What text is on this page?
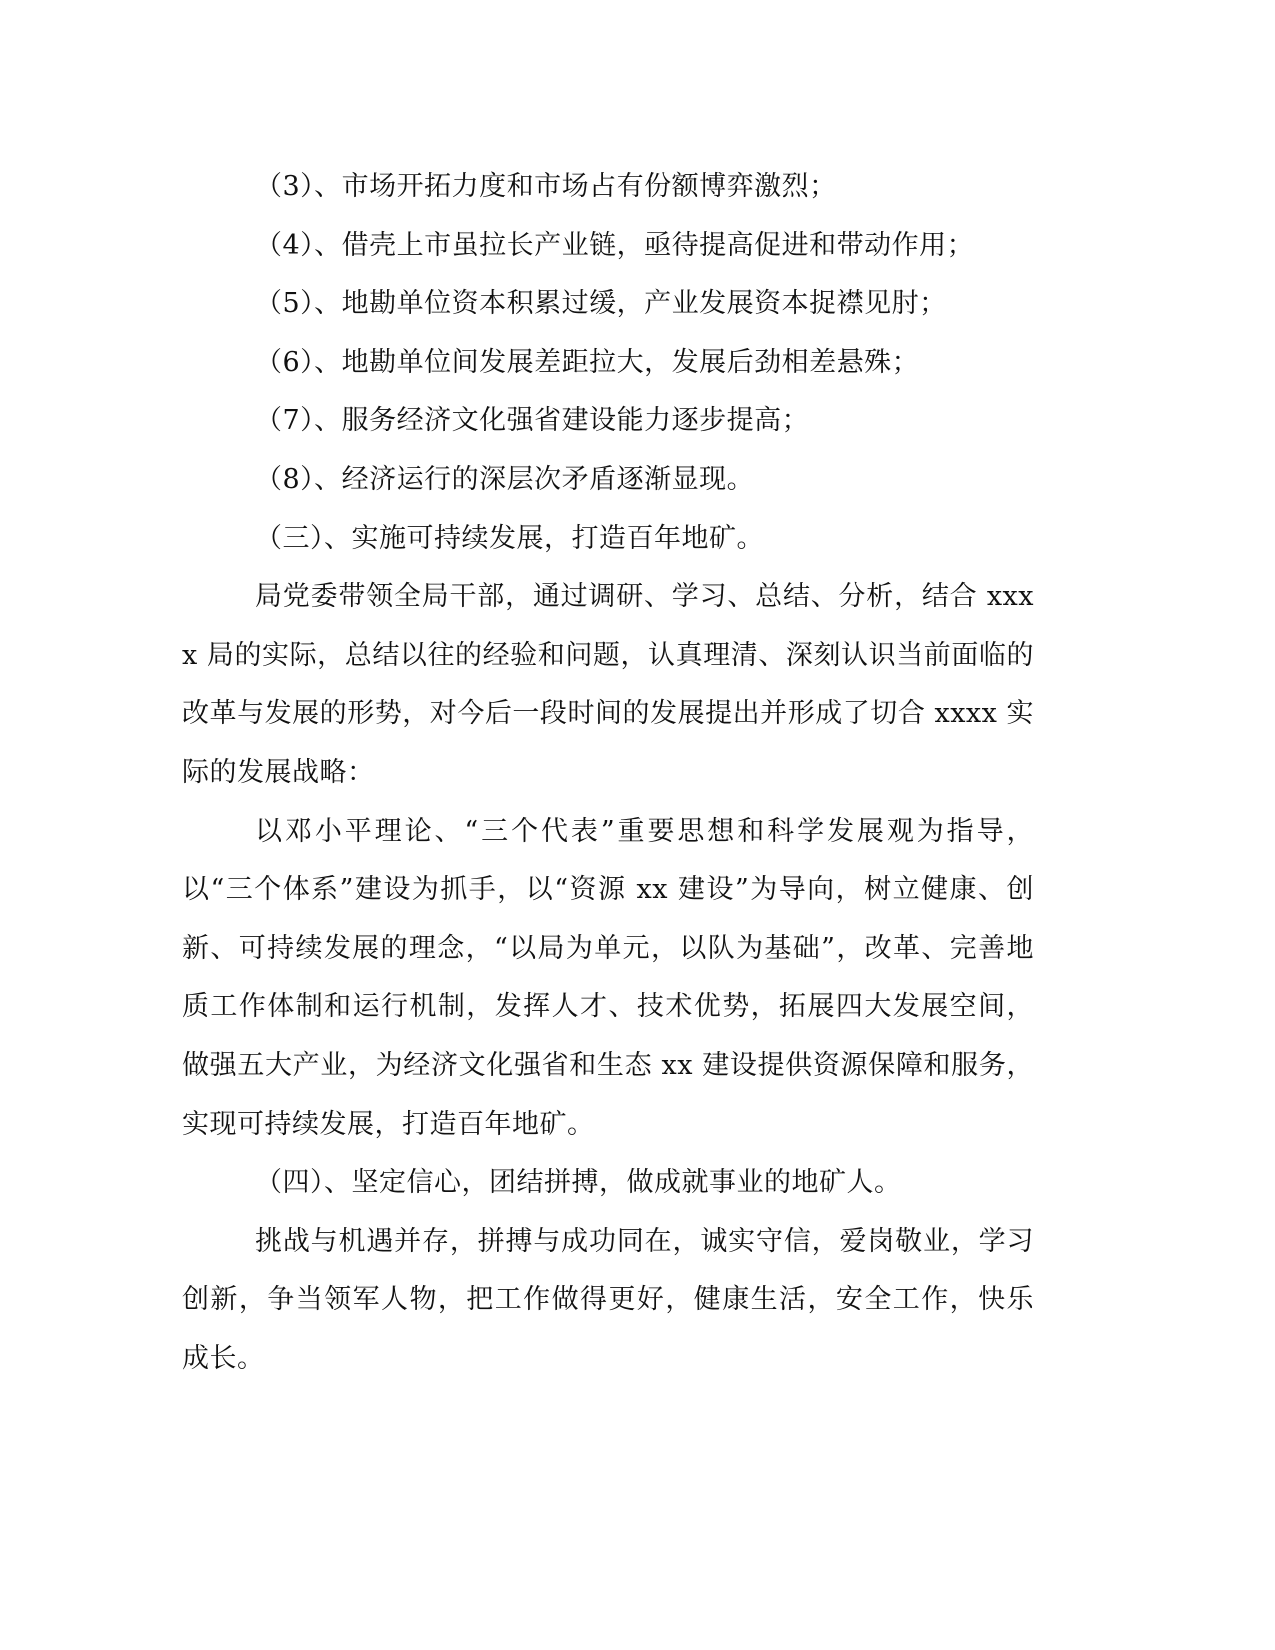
（3）、市场开拓力度和市场占有份额博弈激烈；
（4）、借壳上市虽拉长产业链，亟待提高促进和带动作用；
（5）、地勘单位资本积累过缓，产业发展资本捉襟见肘；
（6）、地勘单位间发展差距拉大，发展后劲相差悬殊；
（7）、服务经济文化强省建设能力逐步提高；
（8）、经济运行的深层次矛盾逐渐显现。
（三）、实施可持续发展，打造百年地矿。

局党委带领全局干部，通过调研、学习、总结、分析，结合 xxxx 局的实际，总结以往的经验和问题，认真理清、深刻认识当前面临的改革与发展的形势，对今后一段时间的发展提出并形成了切合 xxxx 实际的发展战略：

以邓小平理论、“三个代表”重要思想和科学发展观为指导，以“三个体系”建设为抓手，以“资源 xx 建设”为导向，树立健康、创新、可持续发展的理念，“以局为单元，以队为基础”，改革、完善地质工作体制和运行机制，发挥人才、技术优势，拓展四大发展空间，做强五大产业，为经济文化强省和生态 xx 建设提供资源保障和服务，实现可持续发展，打造百年地矿。

（四）、坚定信心，团结拼搏，做成就事业的地矿人。

挑战与机遇并存，拼搏与成功同在，诚实守信，爱岗敬业，学习创新，争当领军人物，把工作做得更好，健康生活，安全工作，快乐成长。
